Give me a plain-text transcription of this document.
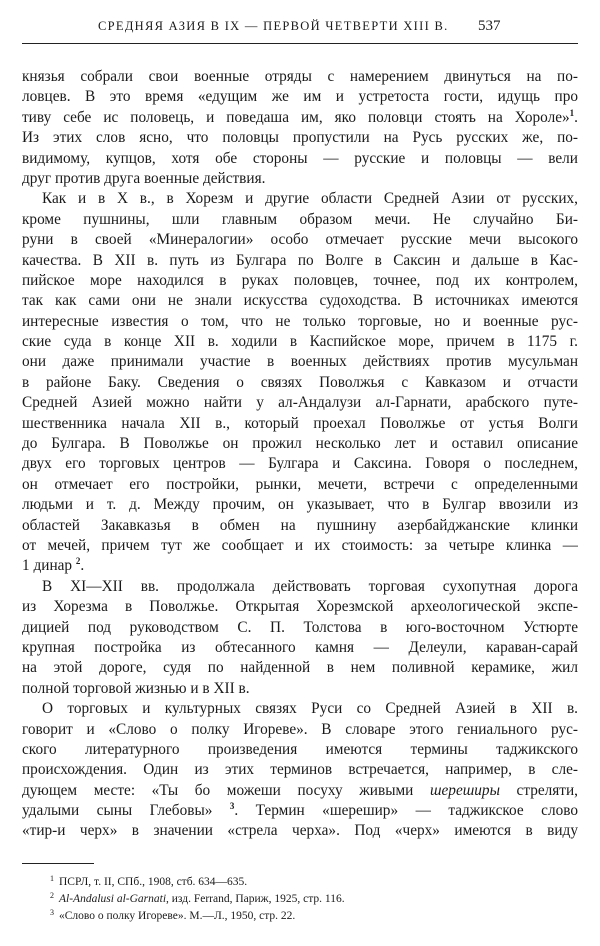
СРЕДНЯЯ АЗИЯ В IX — ПЕРВОЙ ЧЕТВЕРТИ XIII В. 537
князья собрали свои военные отряды с намерением двинуться на по-
ловцев. В это время «едущим же им и устретоста гости, идущь про
тиву себе ис половець, и поведаша им, яко половци стоять на Хороле»$^1$.
Из этих слов ясно, что половцы пропустили на Русь русских же, по-
видимому, купцов, хотя обе стороны — русские и половцы — вели
друг против друга военные действия.
Как и в X в., в Хорезм и другие области Средней Азии от русских,
кроме пушнины, шли главным образом мечи. Не случайно Би-
руни в своей «Минералогии» особо отмечает русские мечи высокого
качества. В XII в. путь из Булгара по Волге в Саксин и дальше в Кас-
пийское море находился в руках половцев, точнее, под их контролем,
так как сами они не знали искусства судоходства. В источниках имеются
интересные известия о том, что не только торговые, но и военные рус-
ские суда в конце XII в. ходили в Каспийское море, причем в 1175 г.
они даже принимали участие в военных действиях против мусульман
в районе Баку. Сведения о связях Поволжья с Кавказом и отчасти
Средней Азией можно найти у ал-Андалузи ал-Гарнати, арабского путе-
шественника начала XII в., который проехал Поволжье от устья Волги
до Булгара. В Поволжье он прожил несколько лет и оставил описание
двух его торговых центров — Булгара и Саксина. Говоря о последнем,
он отмечает его постройки, рынки, мечети, встречи с определенными
людьми и т. д. Между прочим, он указывает, что в Булгар ввозили из
областей Закавказья в обмен на пушнину азербайджанские клинки
от мечей, причем тут же сообщает и их стоимость: за четыре клинка —
1 динар $^2$.
В XI—XII вв. продолжала действовать торговая сухопутная дорога
из Хорезма в Поволжье. Открытая Хорезмской археологической экспе-
дицией под руководством С. П. Толстова в юго-восточном Устюрте
крупная постройка из обтесанного камня — Делеули, караван-сарай
на этой дороге, судя по найденной в нем поливной керамике, жил
полной торговой жизнью и в XII в.
О торговых и культурных связях Руси со Средней Азией в XII в.
говорит и «Слово о полку Игореве». В словаре этого гениального рус-
ского литературного произведения имеются термины таджикского
происхождения. Один из этих терминов встречается, например, в сле-
дующем месте: «Ты бо можеши посуху живыми шереширы стреляти,
удалыми сыны Глебовы» $^3$. Термин «шерешир» — таджикское слово
«тир-и черх» в значении «стрела черха». Под «черх» имеются в виду
$^1$ ПСРЛ, т. II, СПб., 1908, стб. 634—635.
$^2$ Al-Andalusi al-Garnati, изд. Ferrand, Париж, 1925, стр. 116.
$^3$ «Слово о полку Игореве». М.—Л., 1950, стр. 22.
